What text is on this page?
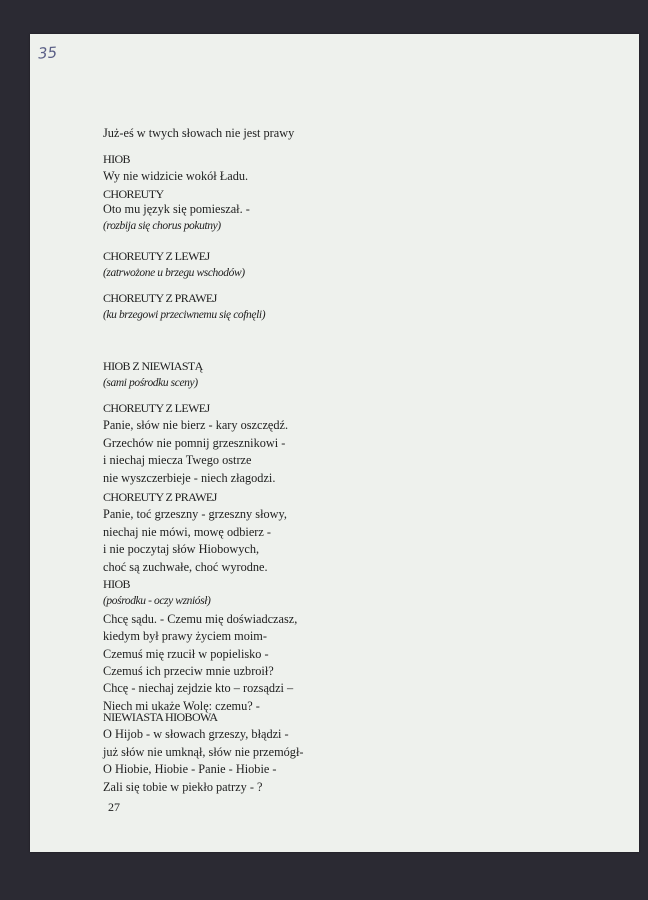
35
Już-eś w twych słowach nie jest prawy
HIOB
Wy nie widzicie wokół Ładu.
CHOREUTY
Oto mu język się pomieszał. -
(rozbija się chorus pokutny)
CHOREUTY Z LEWEJ
(zatrwożone u brzegu wschodów)
CHOREUTY Z PRAWEJ
(ku brzegowi przeciwnemu się cofnęli)
HIOB Z NIEWIASTĄ
(sami pośrodku sceny)
CHOREUTY Z LEWEJ
Panie, słów nie bierz - kary oszczędź.
Grzechów nie pomnij grzesznikowi -
i niechaj miecza Twego ostrze
nie wyszczerbieje - niech złagodzi.
CHOREUTY Z PRAWEJ
Panie, toć grzeszny - grzeszny słowy,
niechaj nie mówi, mowę odbierz -
i nie poczytaj słów Hiobowych,
choć są zuchwałe, choć wyrodne.
HIOB
(pośrodku - oczy wzniósł)
Chcę sądu. - Czemu mię doświadczasz,
kiedym był prawy życiem moim-
Czemuś mię rzucił w popielisko -
Czemuś ich przeciw mnie uzbroił?
Chcę - niechaj zejdzie kto – rozsądzi –
Niech mi ukaże Wolę: czemu? -
NIEWIASTA HIOBOWA
O Hijob - w słowach grzeszy, błądzi -
już słów nie umknął, słów nie przemógł-
O Hiobie, Hiobie - Panie - Hiobie -
Zali się tobie w piekło patrzy - ?
27
